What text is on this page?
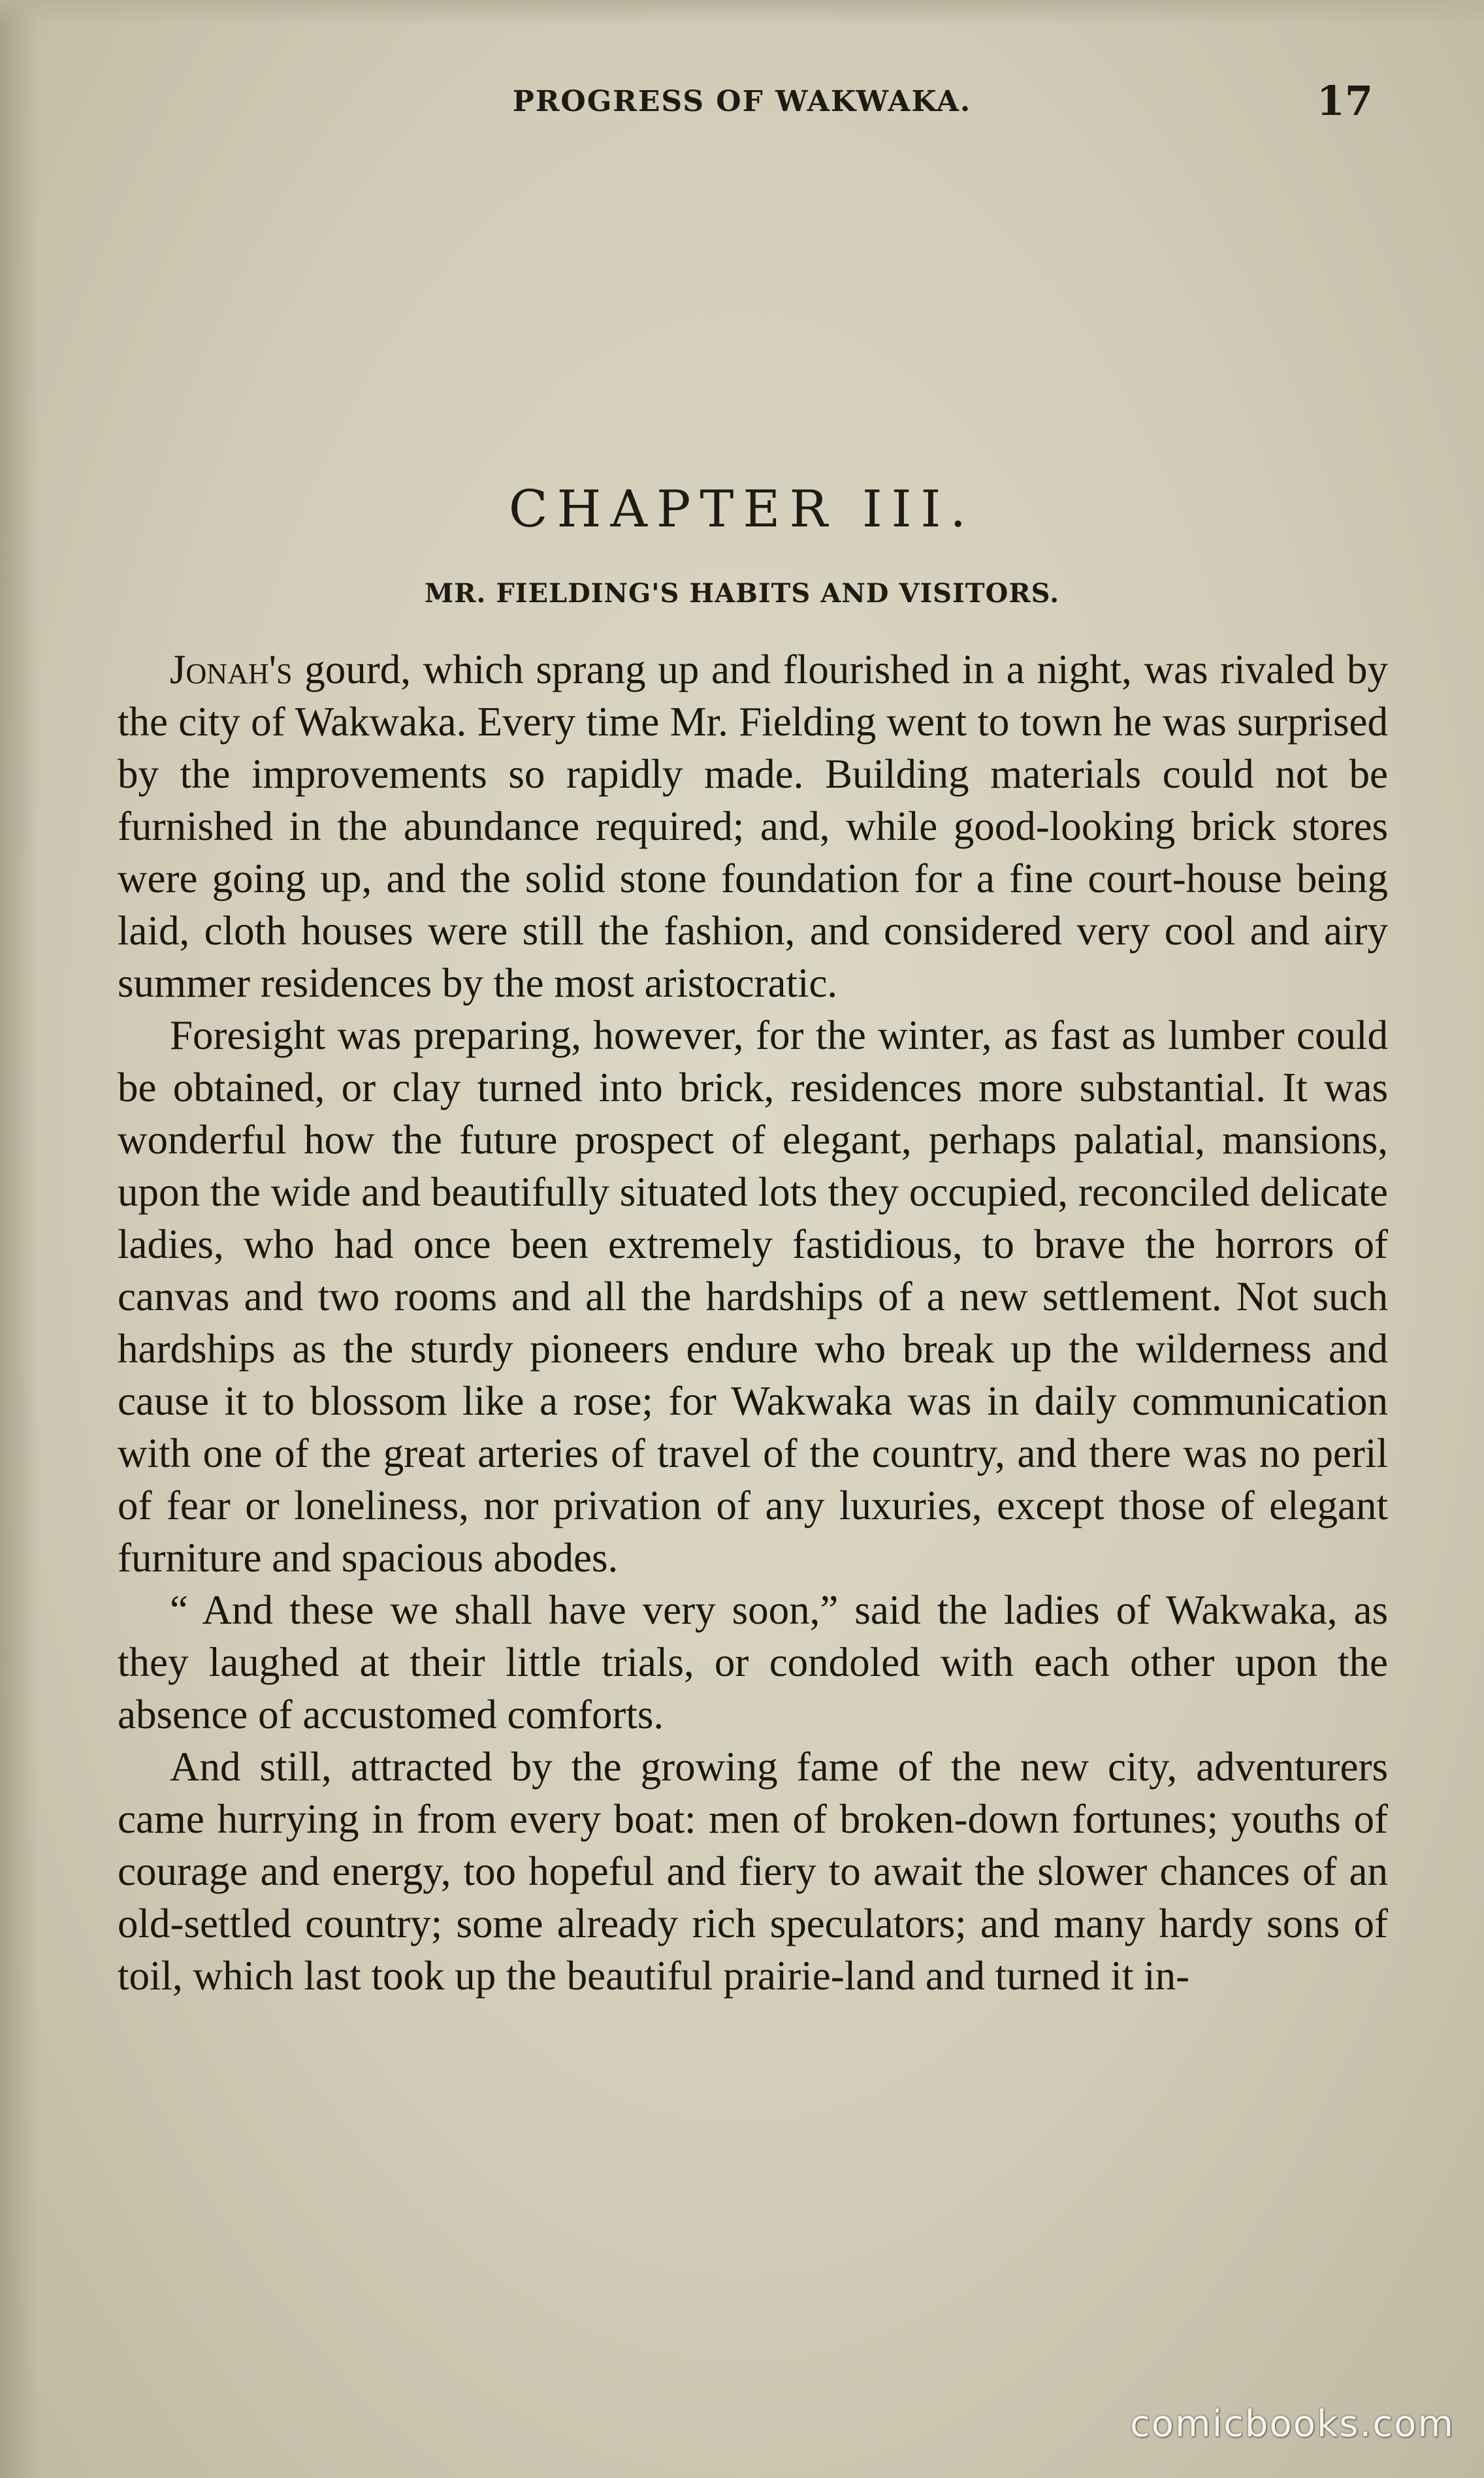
PROGRESS OF WAKWAKA.	17
CHAPTER III.
MR. FIELDING'S HABITS AND VISITORS.

Jonah's gourd, which sprang up and flourished in a night, was rivaled by the city of Wakwaka. Every time Mr. Fielding went to town he was surprised by the improvements so rapidly made. Building materials could not be furnished in the abundance required; and, while good-looking brick stores were going up, and the solid stone foundation for a fine court-house being laid, cloth houses were still the fashion, and considered very cool and airy summer residences by the most aristocratic.

Foresight was preparing, however, for the winter, as fast as lumber could be obtained, or clay turned into brick, residences more substantial. It was wonderful how the future prospect of elegant, perhaps palatial, mansions, upon the wide and beautifully situated lots they occupied, reconciled delicate ladies, who had once been extremely fastidious, to brave the horrors of canvas and two rooms and all the hardships of a new settlement. Not such hardships as the sturdy pioneers endure who break up the wilderness and cause it to blossom like a rose; for Wakwaka was in daily communication with one of the great arteries of travel of the country, and there was no peril of fear or loneliness, nor privation of any luxuries, except those of elegant furniture and spacious abodes.

“ And these we shall have very soon,” said the ladies of Wakwaka, as they laughed at their little trials, or condoled with each other upon the absence of accustomed comforts.

And still, attracted by the growing fame of the new city, adventurers came hurrying in from every boat: men of broken-down fortunes; youths of courage and energy, too hopeful and fiery to await the slower chances of an old-settled country; some already rich speculators; and many hardy sons of toil, which last took up the beautiful prairie-land and turned it in-

comicbooks.com
